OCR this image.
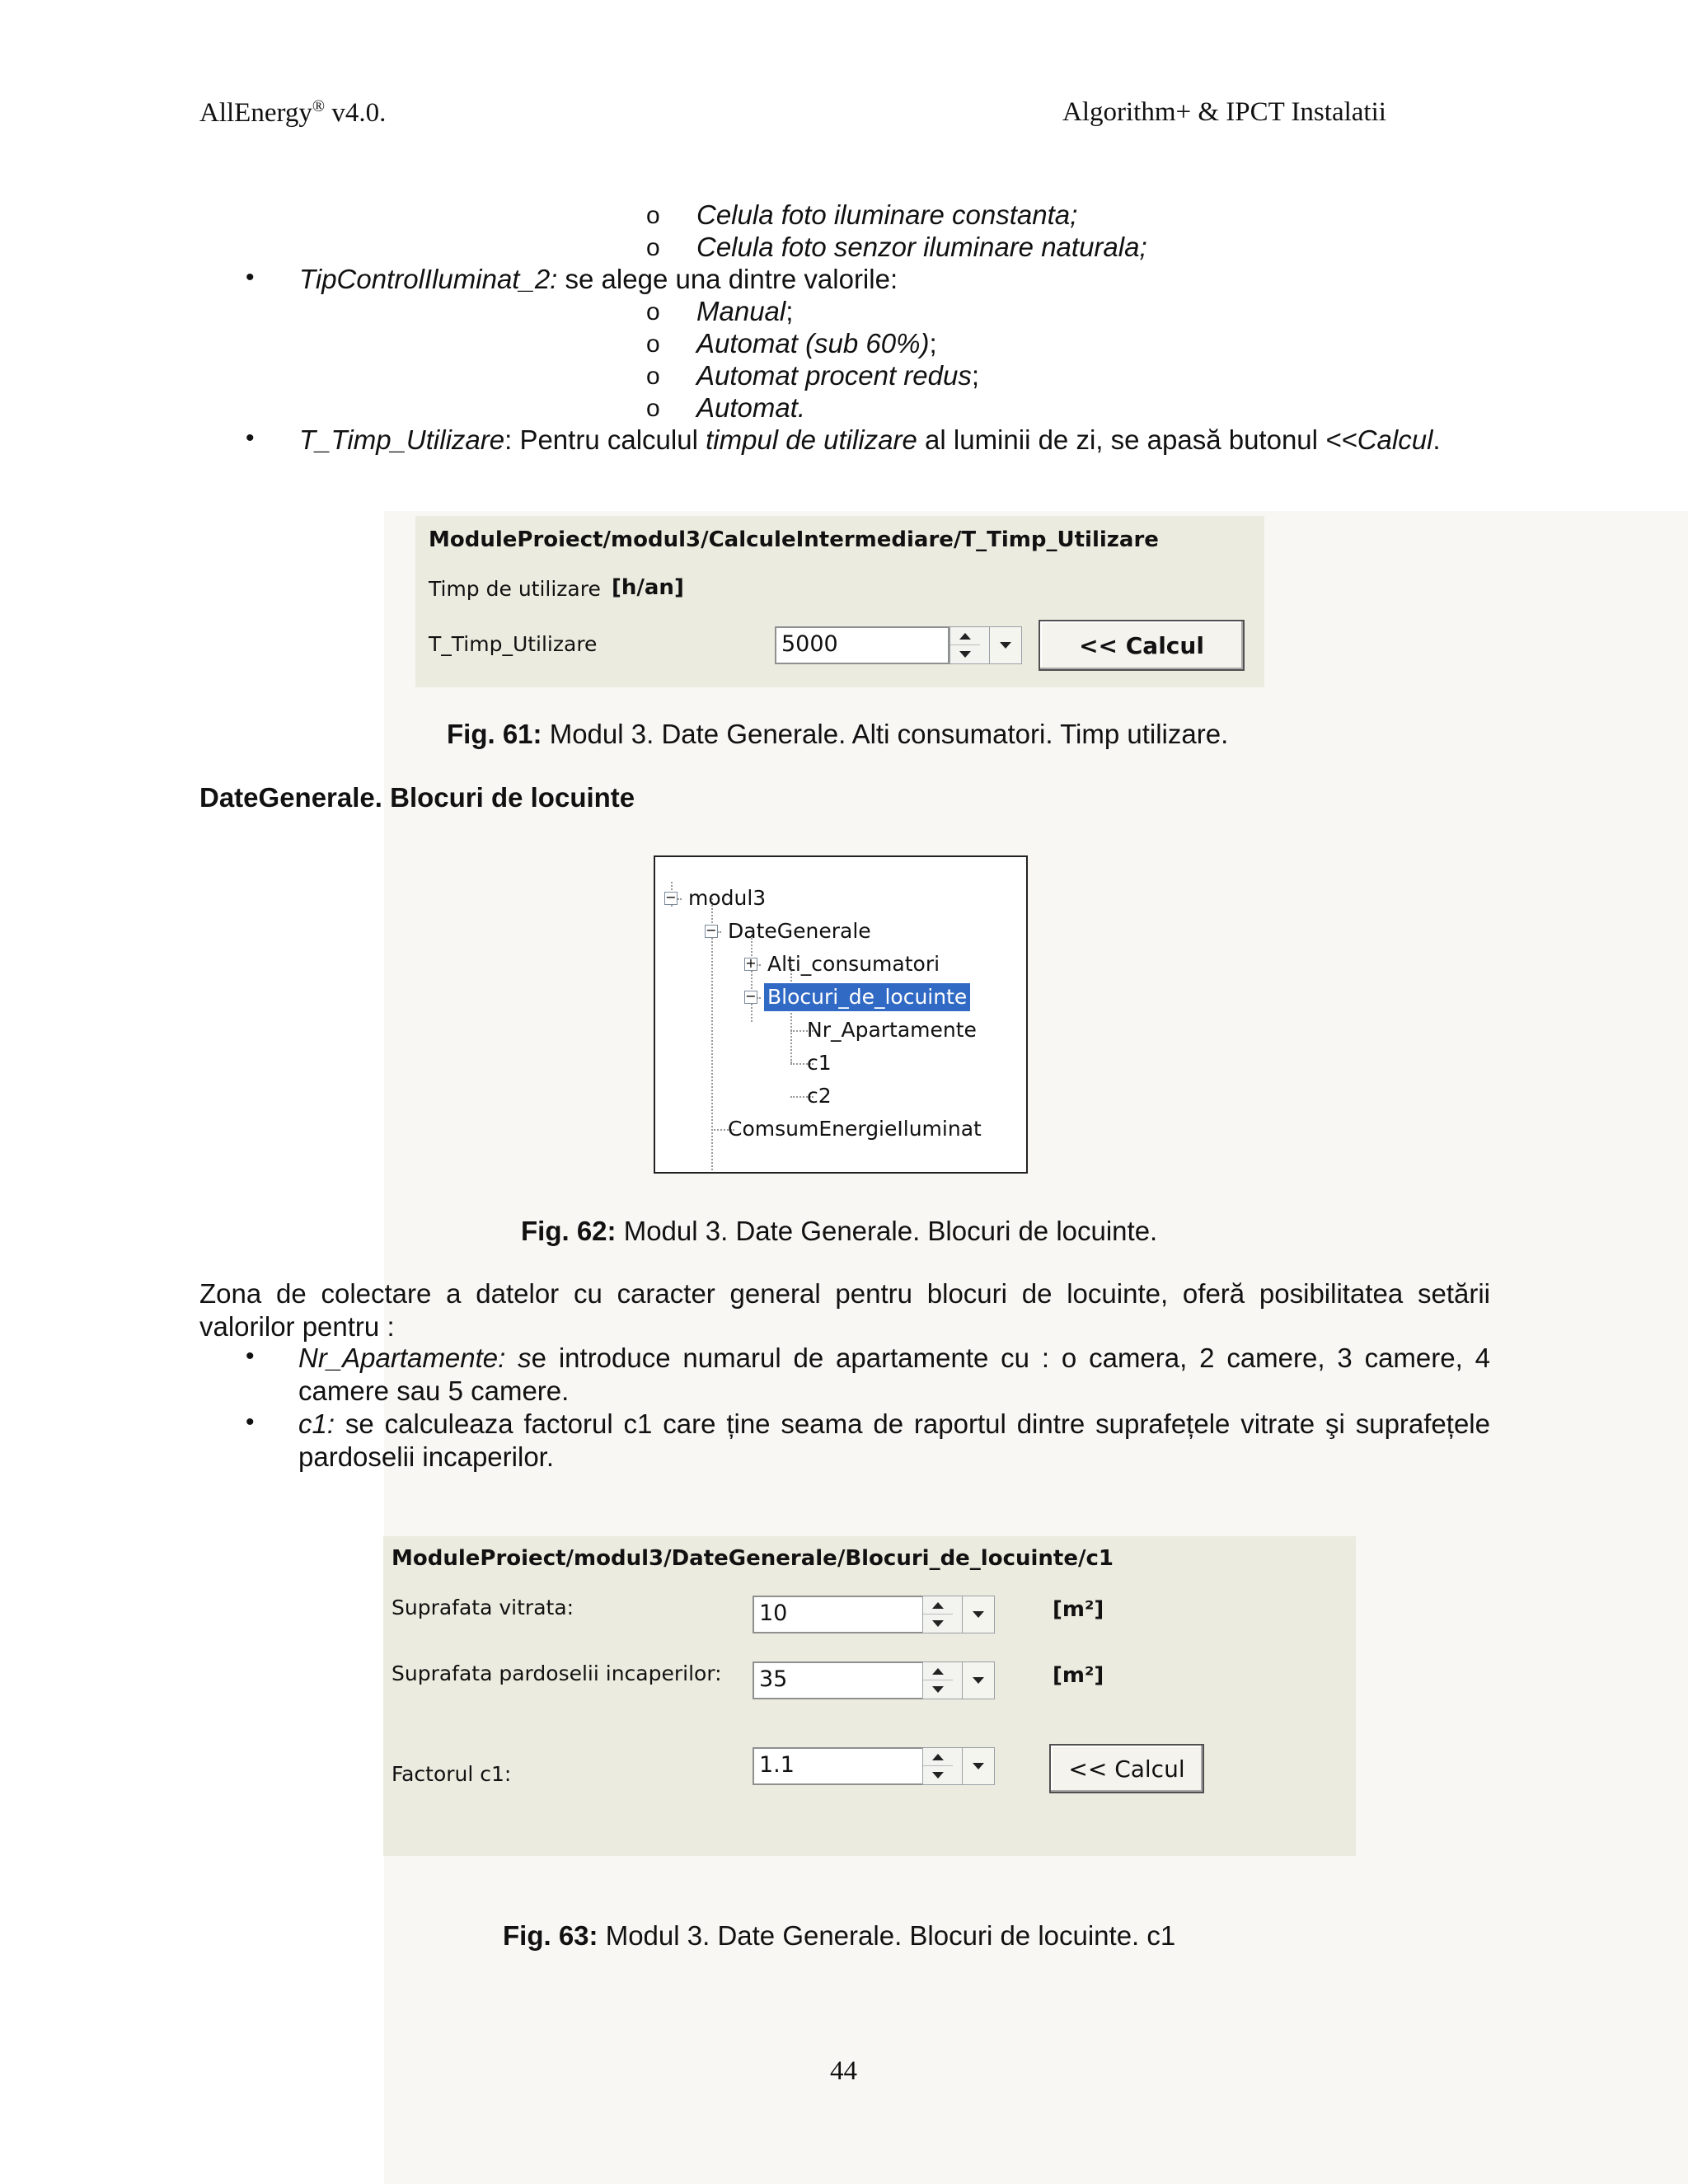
AllEnergy® v4.0.	Algorithm+ & IPCT Instalatii
o Celula foto iluminare constanta;
o Celula foto senzor iluminare naturala;
• TipControlIluminat_2: se alege una dintre valorile:
o Manual;
o Automat (sub 60%);
o Automat procent redus;
o Automat.
• T_Timp_Utilizare: Pentru calculul timpul de utilizare al luminii de zi, se apasă butonul <<Calcul.
ModuleProiect/modul3/CalculeIntermediare/T_Timp_Utilizare
Timp de utilizare [h/an]
T_Timp_Utilizare	5000	<< Calcul
Fig. 61: Modul 3. Date Generale. Alti consumatori. Timp utilizare.
DateGenerale. Blocuri de locuinte
− modul3
− DateGenerale
+ Alti_consumatori
− Blocuri_de_locuinte
Nr_Apartamente
c1
c2
ComsumEnergieIluminat
Fig. 62: Modul 3. Date Generale. Blocuri de locuinte.
Zona de colectare a datelor cu caracter general pentru blocuri de locuinte, oferă posibilitatea setării
valorilor pentru :
• Nr_Apartamente: se introduce numarul de apartamente cu : o camera, 2 camere, 3 camere, 4
camere sau 5 camere.
• c1: se calculeaza factorul c1 care ține seama de raportul dintre suprafețele vitrate şi suprafețele
pardoselii incaperilor.
ModuleProiect/modul3/DateGenerale/Blocuri_de_locuinte/c1
Suprafata vitrata:	10	[m²]
Suprafata pardoselii incaperilor: 35	[m²]
Factorul c1:	1.1	<< Calcul
Fig. 63: Modul 3. Date Generale. Blocuri de locuinte. c1
44
